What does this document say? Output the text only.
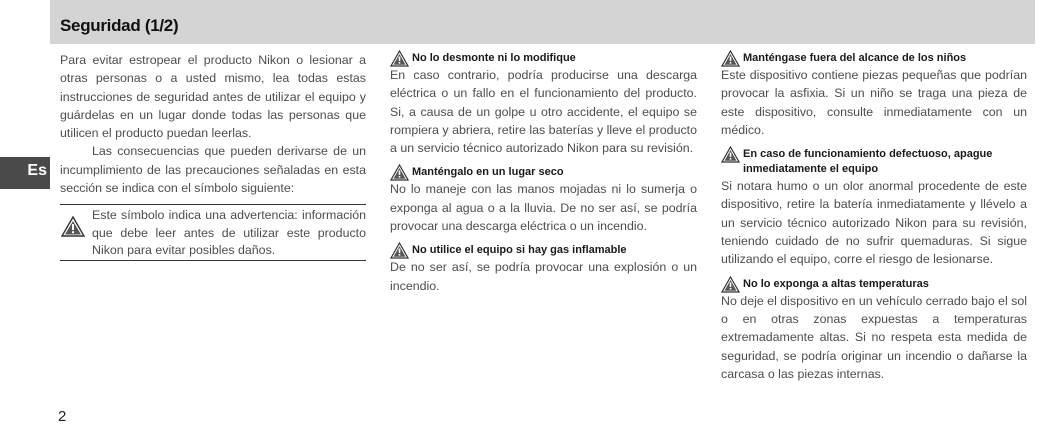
Seguridad (1/2)
Es

Para evitar estropear el producto Nikon o lesionar a otras personas o a usted mismo, lea todas estas instrucciones de seguridad antes de utilizar el equipo y guárdelas en un lugar donde todas las personas que utilicen el producto puedan leerlas.

Las consecuencias que pueden derivarse de un incumplimiento de las precauciones señaladas en esta sección se indica con el símbolo siguiente:

Este símbolo indica una advertencia: información que debe leer antes de utilizar este producto Nikon para evitar posibles daños.

No lo desmonte ni lo modifique

En caso contrario, podría producirse una descarga eléctrica o un fallo en el funcionamiento del producto. Si, a causa de un golpe u otro accidente, el equipo se rompiera y abriera, retire las baterías y lleve el producto a un servicio técnico autorizado Nikon para su revisión.

Manténgalo en un lugar seco

No lo maneje con las manos mojadas ni lo sumerja o exponga al agua o a la lluvia. De no ser así, se podría provocar una descarga eléctrica o un incendio.

No utilice el equipo si hay gas inflamable

De no ser así, se podría provocar una explosión o un incendio.

Manténgase fuera del alcance de los niños

Este dispositivo contiene piezas pequeñas que podrían provocar la asfixia. Si un niño se traga una pieza de este dispositivo, consulte inmediatamente con un médico.

En caso de funcionamiento defectuoso, apague inmediatamente el equipo

Si notara humo o un olor anormal procedente de este dispositivo, retire la batería inmediatamente y llévelo a un servicio técnico autorizado Nikon para su revisión, teniendo cuidado de no sufrir quemaduras. Si sigue utilizando el equipo, corre el riesgo de lesionarse.

No lo exponga a altas temperaturas

No deje el dispositivo en un vehículo cerrado bajo el sol o en otras zonas expuestas a temperaturas extremadamente altas. Si no respeta esta medida de seguridad, se podría originar un incendio o dañarse la carcasa o las piezas internas.

2
